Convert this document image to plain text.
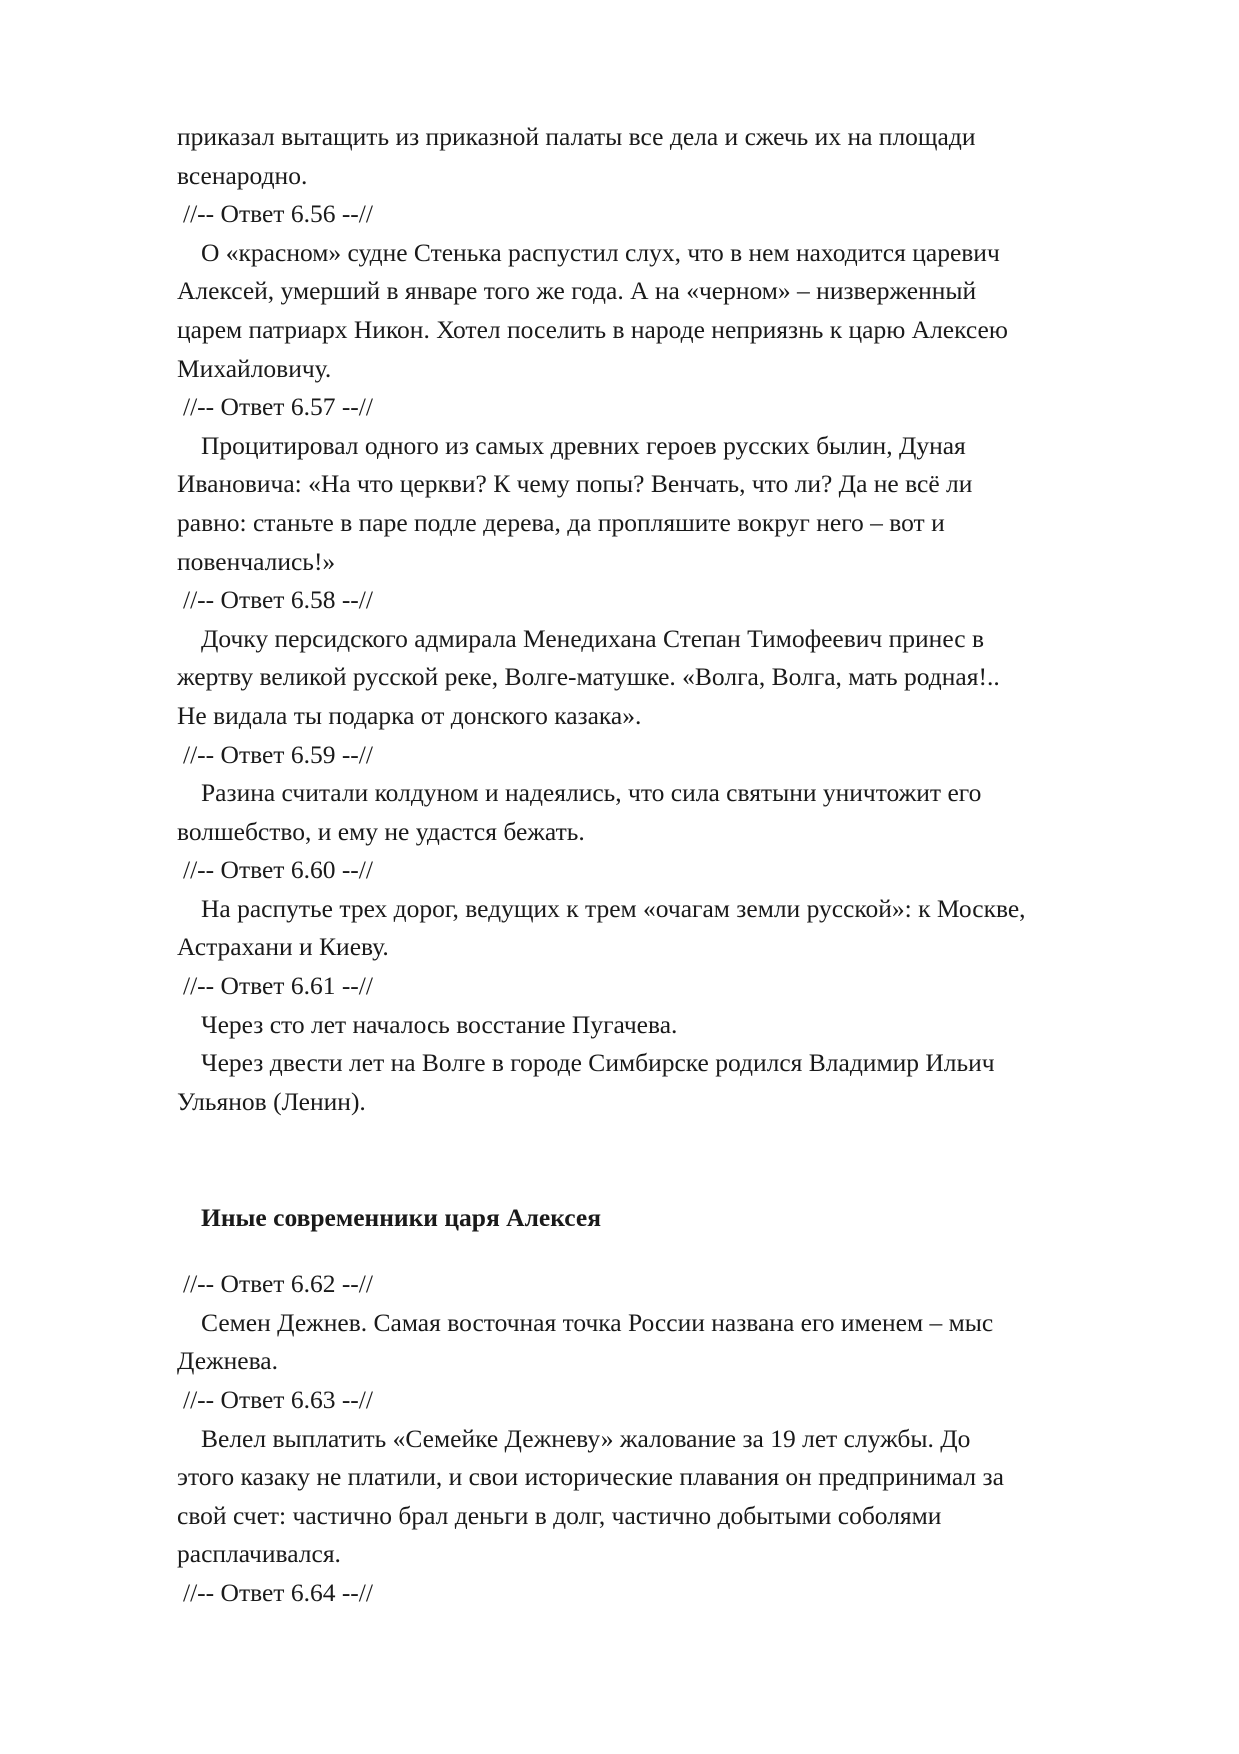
приказал вытащить из приказной палаты все дела и сжечь их на площади
всенародно.
//-- Ответ 6.56 --//
О «красном» судне Стенька распустил слух, что в нем находится царевич
Алексей, умерший в январе того же года. А на «черном» – низверженный
царем патриарх Никон. Хотел поселить в народе неприязнь к царю Алексею
Михайловичу.
//-- Ответ 6.57 --//
Процитировал одного из самых древних героев русских былин, Дуная
Ивановича: «На что церкви? К чему попы? Венчать, что ли? Да не всё ли
равно: станьте в паре подле дерева, да пропляшите вокруг него – вот и
повенчались!»
//-- Ответ 6.58 --//
Дочку персидского адмирала Менедихана Степан Тимофеевич принес в
жертву великой русской реке, Волге-матушке. «Волга, Волга, мать родная!..
Не видала ты подарка от донского казака».
//-- Ответ 6.59 --//
Разина считали колдуном и надеялись, что сила святыни уничтожит его
волшебство, и ему не удастся бежать.
//-- Ответ 6.60 --//
На распутье трех дорог, ведущих к трем «очагам земли русской»: к Москве,
Астрахани и Киеву.
//-- Ответ 6.61 --//
Через сто лет началось восстание Пугачева.
Через двести лет на Волге в городе Симбирске родился Владимир Ильич
Ульянов (Ленин).
Иные современники царя Алексея
//-- Ответ 6.62 --//
Семен Дежнев. Самая восточная точка России названа его именем – мыс
Дежнева.
//-- Ответ 6.63 --//
Велел выплатить «Семейке Дежневу» жалование за 19 лет службы. До
этого казаку не платили, и свои исторические плавания он предпринимал за
свой счет: частично брал деньги в долг, частично добытыми соболями
расплачивался.
//-- Ответ 6.64 --//
